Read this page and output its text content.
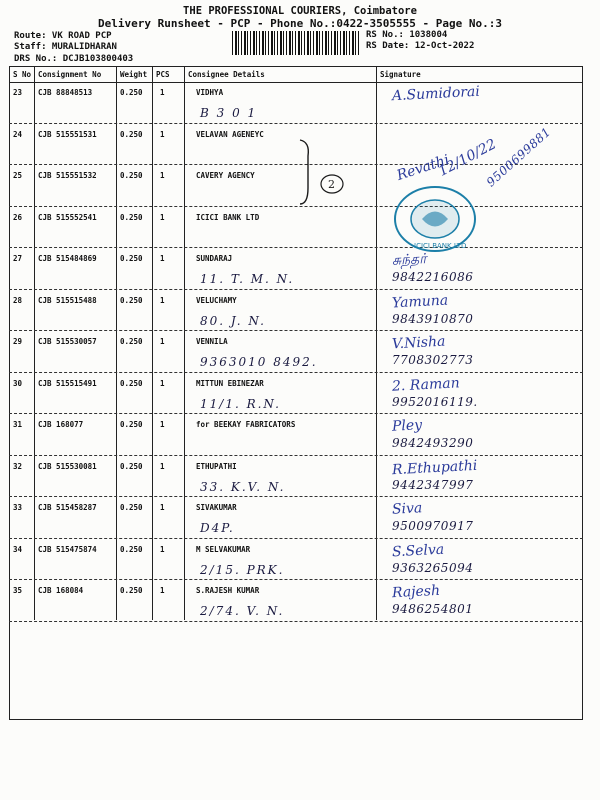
THE PROFESSIONAL COURIERS, Coimbatore
Delivery Runsheet - PCP - Phone No.:0422-3505555 - Page No.:3
Route: VK ROAD PCP
Staff: MURALIDHARAN
DRS No.: DCJB103800403
RS No.: 1038004
RS Date: 12-Oct-2022
S No Consignment No	Weight PCS Consignee Details	Signature
23 CJB 88848513	0.250 1	VIDHYA
B 3 0 1
A.Sumidorai
24 CJB 515551531	0.250 1	VELAVAN AGENEYC
25 CJB 515551532	0.250 1	CAVERY AGENCY
26 CJB 515552541	0.250 1	ICICI BANK LTD
27 CJB 515484869	0.250 1	SUNDARAJ
11. T. M. N.
சுந்தர்
9842216086
28 CJB 515515488	0.250 1	VELUCHAMY
80. J. N.
Yamuna
9843910870
29 CJB 515530057	0.250 1	VENNILA
9363010 8492.
V.Nisha
7708302773
30 CJB 515515491	0.250 1	MITTUN EBINEZAR
11/1. R.N.
2. Raman
9952016119.
31 CJB 168077	0.250 1	for BEEKAY FABRICATORS	Pley
9842493290
32 CJB 515530081	0.250 1	ETHUPATHI
33. K.V. N.
R.Ethupathi
9442347997
33 CJB 515458287	0.250 1	SIVAKUMAR
D4P.
Siva
9500970917
34 CJB 515475874	0.250 1	M SELVAKUMAR
2/15. PRK.
S.Selva
9363265094
35 CJB 168084	0.250 1	S.RAJESH KUMAR
2/74. V. N.
Rajesh
9486254801
2
Revathi
12/10/22
9500699881
ICICI BANK LTD
